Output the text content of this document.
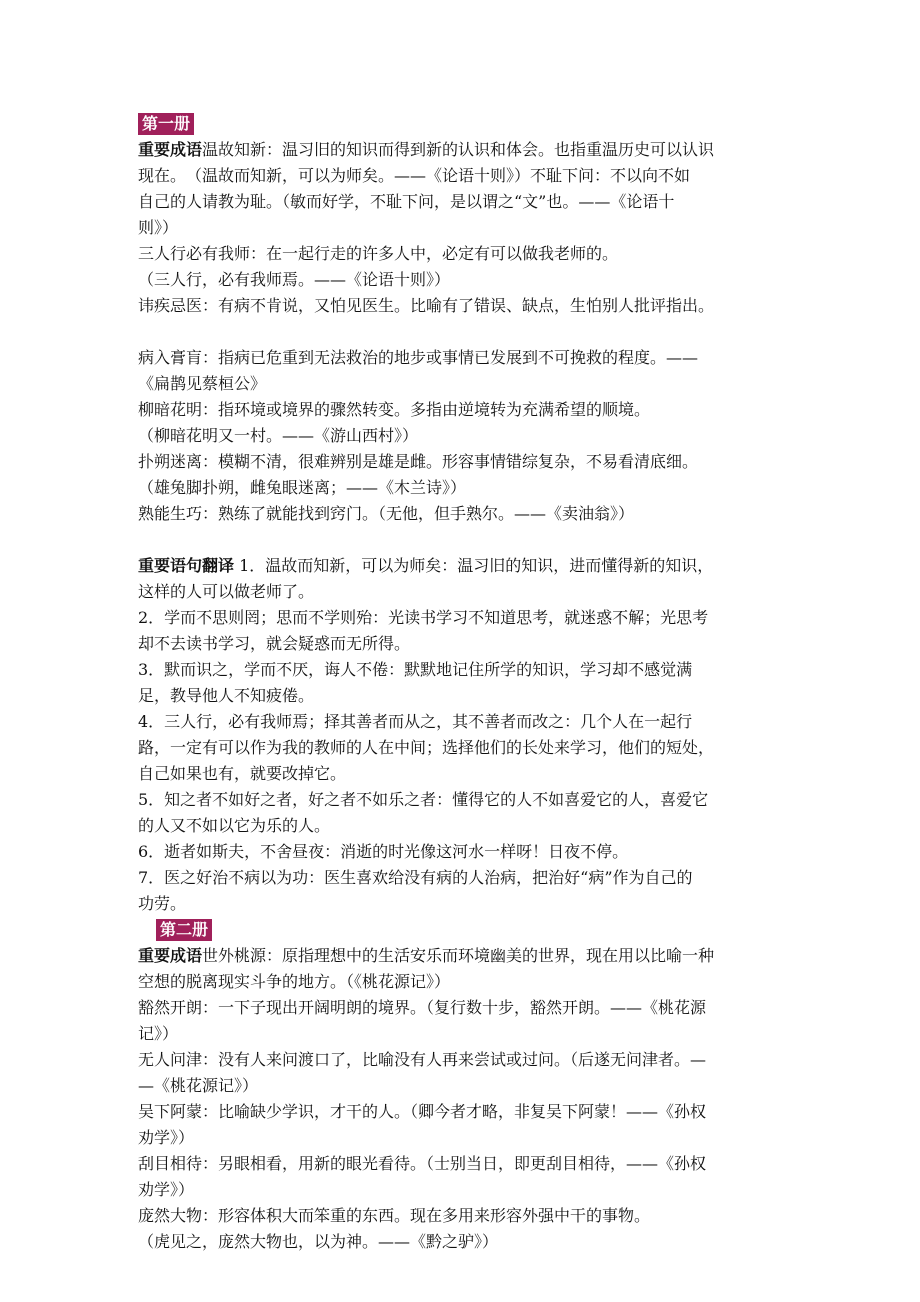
第一册
重要成语温故知新：温习旧的知识而得到新的认识和体会。也指重温历史可以认识
现在。　（温故而知新，可以为师矣。——《论语十则》）不耻下问：不以向不如
自己的人请教为耻。（敏而好学，不耻下问，是以谓之“文”也。——《论语十
则》）
三人行必有我师：在一起行走的许多人中，必定有可以做我老师的。
（三人行，必有我师焉。——《论语十则》）
讳疾忌医：有病不肯说，又怕见医生。比喻有了错误、缺点，生怕别人批评指出。
病入膏肓：指病已危重到无法救治的地步或事情已发展到不可挽救的程度。——
《扁鹊见蔡桓公》
柳暗花明：指环境或境界的骤然转变。多指由逆境转为充满希望的顺境。
（柳暗花明又一村。——《游山西村》）
扑朔迷离：模糊不清，很难辨别是雄是雌。形容事情错综复杂，不易看清底细。
（雄兔脚扑朔，雌兔眼迷离；——《木兰诗》）
熟能生巧：熟练了就能找到窍门。（无他，但手熟尔。——《卖油翁》）
重要语句翻译 1．温故而知新，可以为师矣：温习旧的知识，进而懂得新的知识，
这样的人可以做老师了。
2．学而不思则罔；思而不学则殆：光读书学习不知道思考，就迷惑不解；光思考
却不去读书学习，就会疑惑而无所得。
3．默而识之，学而不厌，诲人不倦：默默地记住所学的知识，学习却不感觉满
足，教导他人不知疲倦。
4．三人行，必有我师焉；择其善者而从之，其不善者而改之：几个人在一起行
路，一定有可以作为我的教师的人在中间；选择他们的长处来学习，他们的短处，
自己如果也有，就要改掉它。
5．知之者不如好之者，好之者不如乐之者：懂得它的人不如喜爱它的人，喜爱它
的人又不如以它为乐的人。
6．逝者如斯夫，不舍昼夜：消逝的时光像这河水一样呀！日夜不停。
7．医之好治不病以为功：医生喜欢给没有病的人治病，把治好“病”作为自己的
功劳。
第二册
重要成语世外桃源：原指理想中的生活安乐而环境幽美的世界，现在用以比喻一种
空想的脱离现实斗争的地方。（《桃花源记》）
豁然开朗：一下子现出开阔明朗的境界。（复行数十步，豁然开朗。——《桃花源
记》）
无人问津：没有人来问渡口了，比喻没有人再来尝试或过问。（后遂无问津者。—
—《桃花源记》）
吴下阿蒙：比喻缺少学识，才干的人。（卿今者才略，非复吴下阿蒙！——《孙权
劝学》）
刮目相待：另眼相看，用新的眼光看待。（士别当日，即更刮目相待，——《孙权
劝学》）
庞然大物：形容体积大而笨重的东西。现在多用来形容外强中干的事物。
（虎见之，庞然大物也，以为神。——《黔之驴》）
